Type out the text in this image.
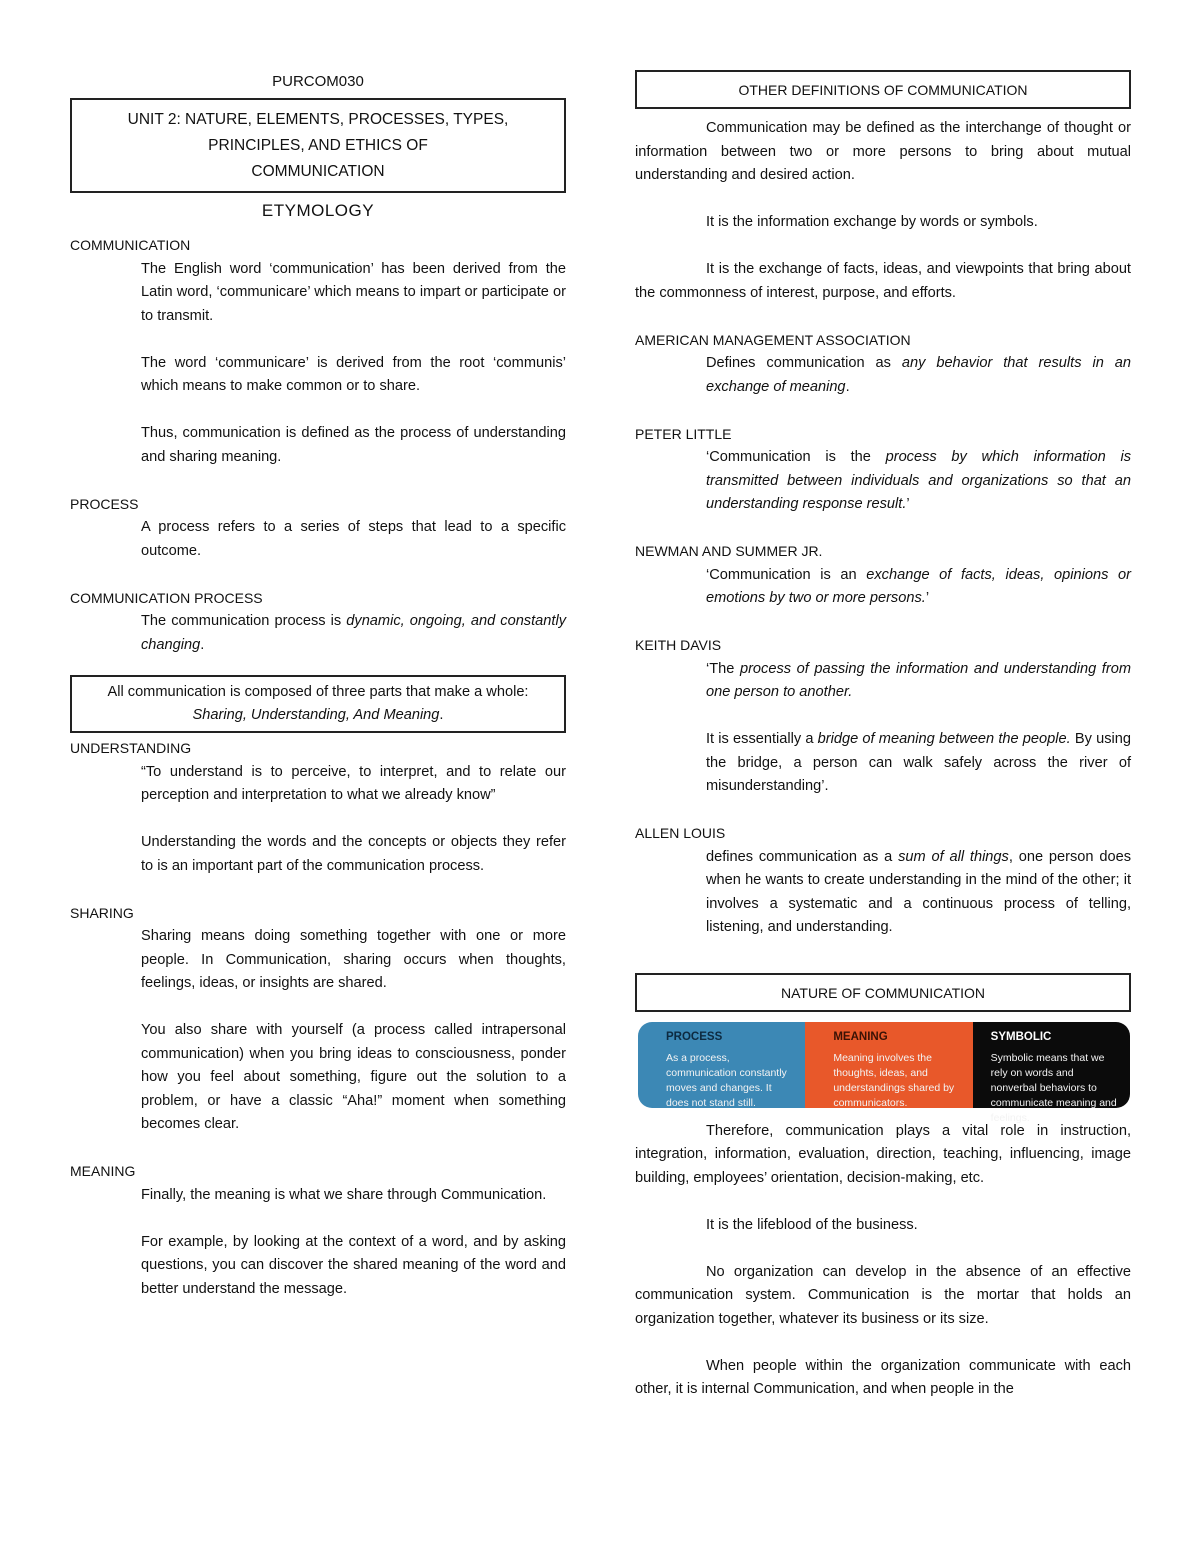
PURCOM030

UNIT 2: NATURE, ELEMENTS, PROCESSES, TYPES,
PRINCIPLES, AND ETHICS OF
COMMUNICATION

ETYMOLOGY

COMMUNICATION

The English word ‘communication’ has been derived from the Latin word, ‘communicare’ which means to impart or participate or to transmit.

The word ‘communicare’ is derived from the root ‘communis’ which means to make common or to share.

Thus, communication is defined as the process of understanding and sharing meaning.

PROCESS

A process refers to a series of steps that lead to a specific outcome.

COMMUNICATION PROCESS

The communication process is dynamic, ongoing, and constantly changing.

All communication is composed of three parts that make a whole: Sharing, Understanding, And Meaning.

UNDERSTANDING

“To understand is to perceive, to interpret, and to relate our perception and interpretation to what we already know”

Understanding the words and the concepts or objects they refer to is an important part of the communication process.

SHARING

Sharing means doing something together with one or more people. In Communication, sharing occurs when thoughts, feelings, ideas, or insights are shared.

You also share with yourself (a process called intrapersonal communication) when you bring ideas to consciousness, ponder how you feel about something, figure out the solution to a problem, or have a classic “Aha!” moment when something becomes clear.

MEANING

Finally, the meaning is what we share through Communication.

For example, by looking at the context of a word, and by asking questions, you can discover the shared meaning of the word and better understand the message.

OTHER DEFINITIONS OF COMMUNICATION

Communication may be defined as the interchange of thought or information between two or more persons to bring about mutual understanding and desired action.

It is the information exchange by words or symbols.

It is the exchange of facts, ideas, and viewpoints that bring about the commonness of interest, purpose, and efforts.

AMERICAN MANAGEMENT ASSOCIATION

Defines communication as any behavior that results in an exchange of meaning.

PETER LITTLE

‘Communication is the process by which information is transmitted between individuals and organizations so that an understanding response result.’

NEWMAN AND SUMMER JR.

‘Communication is an exchange of facts, ideas, opinions or emotions by two or more persons.’

KEITH DAVIS

‘The process of passing the information and understanding from one person to another.

It is essentially a bridge of meaning between the people. By using the bridge, a person can walk safely across the river of misunderstanding’.

ALLEN LOUIS

defines communication as a sum of all things, one person does when he wants to create understanding in the mind of the other; it involves a systematic and a continuous process of telling, listening, and understanding.

NATURE OF COMMUNICATION
PROCESS
As a process, communication constantly moves and changes. It does not stand still.
MEANING
Meaning involves the thoughts, ideas, and understandings shared by communicators.
SYMBOLIC
Symbolic means that we rely on words and nonverbal behaviors to communicate meaning and feelings.

Therefore, communication plays a vital role in instruction, integration, information, evaluation, direction, teaching, influencing, image building, employees’ orientation, decision-making, etc.

It is the lifeblood of the business.

No organization can develop in the absence of an effective communication system. Communication is the mortar that holds an organization together, whatever its business or its size.

When people within the organization communicate with each other, it is internal Communication, and when people in the
